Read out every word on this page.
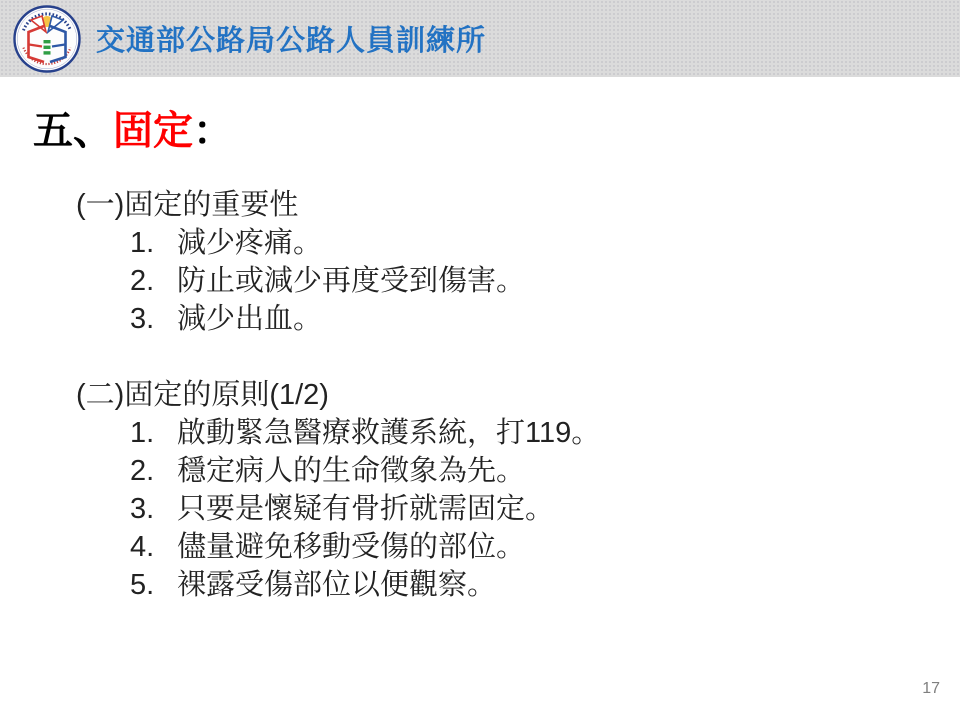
交通部公路局公路人員訓練所
五、固定：
(一)固定的重要性
1. 減少疼痛。
2. 防止或減少再度受到傷害。
3. 減少出血。
(二)固定的原則(1/2)
1. 啟動緊急醫療救護系統，打119。
2. 穩定病人的生命徵象為先。
3. 只要是懷疑有骨折就需固定。
4. 儘量避免移動受傷的部位。
5. 裸露受傷部位以便觀察。
17
